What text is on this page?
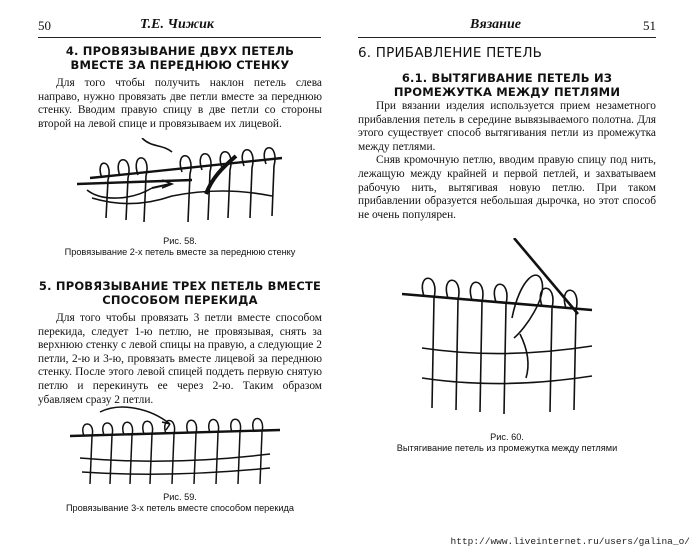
50	Т.Е. Чижик
4. ПРОВЯЗЫВАНИЕ ДВУХ ПЕТЕЛЬ
ВМЕСТЕ ЗА ПЕРЕДНЮЮ СТЕНКУ

Для того чтобы получить наклон петель слева направо, нужно провязать две петли вместе за переднюю стенку. Вводим правую спицу в две петли со стороны второй на левой спице и провязываем их лицевой.

Рис. 58.
Провязывание 2-х петель вместе за переднюю стенку
5. ПРОВЯЗЫВАНИЕ ТРЕХ ПЕТЕЛЬ ВМЕСТЕ
СПОСОБОМ ПЕРЕКИДА

Для того чтобы провязать 3 петли вместе способом перекида, следует 1-ю петлю, не провязывая, снять за верхнюю стенку с левой спицы на правую, а следующие 2 петли, 2-ю и 3-ю, провязать вместе лицевой за переднюю стенку. После этого левой спицей поддеть первую снятую петлю и перекинуть ее через 2-ю. Таким образом убавляем сразу 2 петли.

Рис. 59.
Провязывание 3-х петель вместе способом перекида
Вязание	51
6. ПРИБАВЛЕНИЕ ПЕТЕЛЬ
6.1. ВЫТЯГИВАНИЕ ПЕТЕЛЬ ИЗ
ПРОМЕЖУТКА МЕЖДУ ПЕТЛЯМИ

При вязании изделия используется прием незаметного прибавления петель в середине вывязываемого полотна. Для этого существует способ вытягивания петли из промежутка между петлями.

Сняв кромочную петлю, вводим правую спицу под нить, лежащую между крайней и первой петлей, и захватываем рабочую нить, вытягивая новую петлю. При таком прибавлении образуется небольшая дырочка, но этот способ не очень популярен.

Рис. 60.
Вытягивание петель из промежутка между петлями
http://www.liveinternet.ru/users/galina_o/
